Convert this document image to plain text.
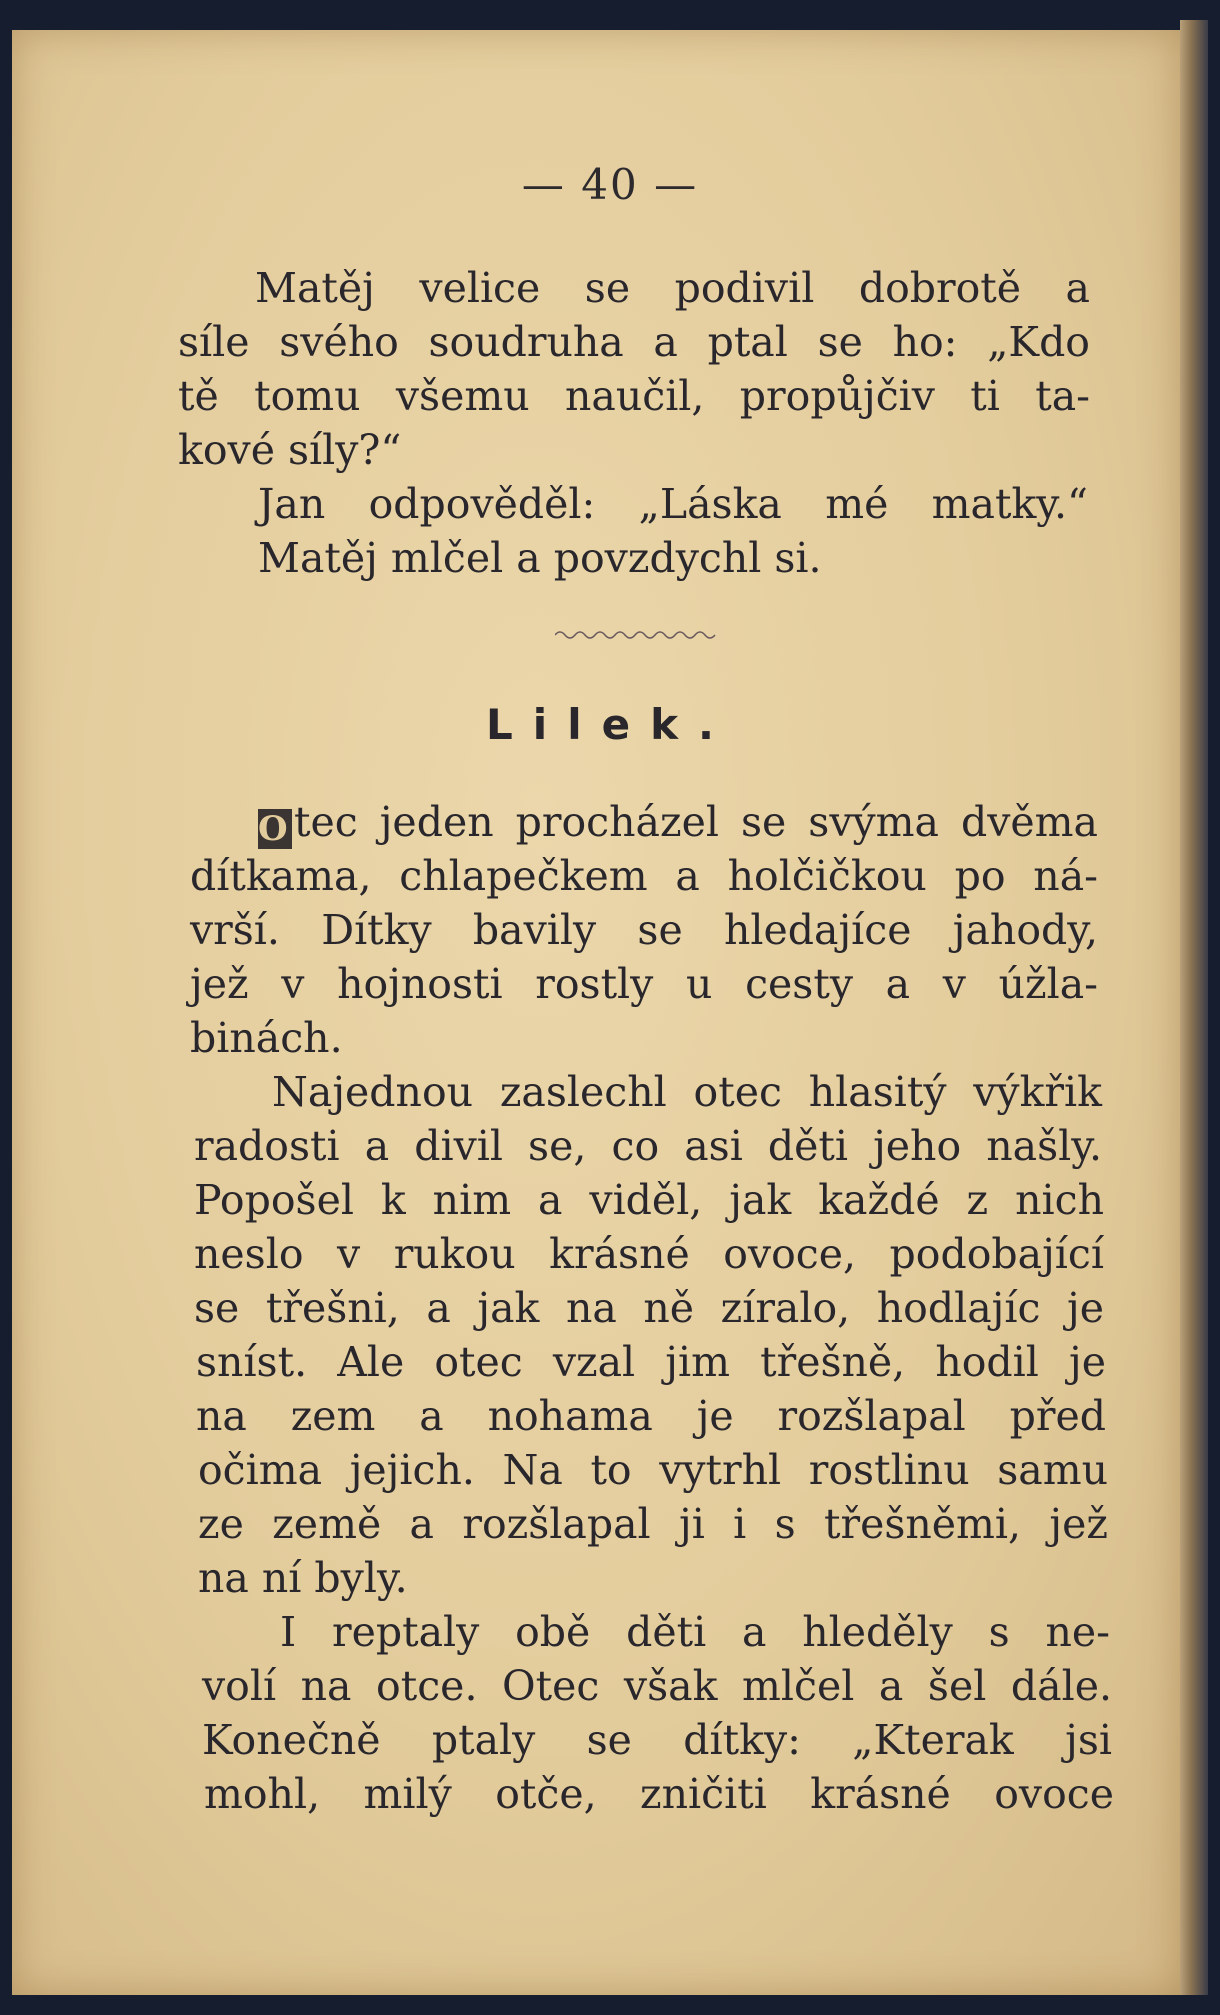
— 40 —
Matěj velice se podivil dobrotě a
síle svého soudruha a ptal se ho: „Kdo
tě tomu všemu naučil, propůjčiv ti ta-
kové síly?“
Jan odpověděl: „Láska mé matky.“
Matěj mlčel a povzdychl si.
Lilek.
O tec jeden procházel se svýma dvěma
dítkama, chlapečkem a holčičkou po ná-
vrší. Dítky bavily se hledajíce jahody,
jež v hojnosti rostly u cesty a v úžla-
binách.
Najednou zaslechl otec hlasitý výkřik
radosti a divil se, co asi děti jeho našly.
Popošel k nim a viděl, jak každé z nich
neslo v rukou krásné ovoce, podobající
se třešni, a jak na ně zíralo, hodlajíc je
sníst. Ale otec vzal jim třešně, hodil je
na zem a nohama je rozšlapal před
očima jejich. Na to vytrhl rostlinu samu
ze země a rozšlapal ji i s třešněmi, jež
na ní byly.
I reptaly obě děti a hleděly s ne-
volí na otce. Otec však mlčel a šel dále.
Konečně ptaly se dítky: „Kterak jsi
mohl, milý otče, zničiti krásné ovoce
